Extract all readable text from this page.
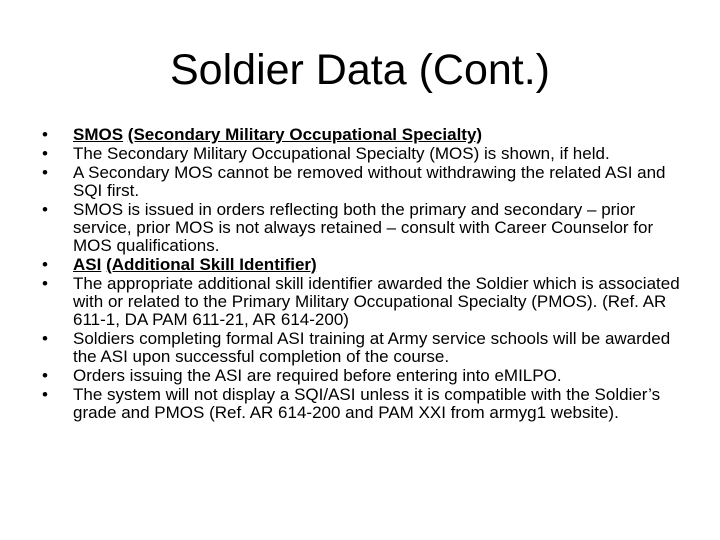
Soldier Data (Cont.)
• SMOS (Secondary Military Occupational Specialty)
• The Secondary Military Occupational Specialty (MOS) is shown, if held.
• A Secondary MOS cannot be removed without withdrawing the related ASI and SQI first.
• SMOS is issued in orders reflecting both the primary and secondary – prior service, prior MOS is not always retained – consult with Career Counselor for MOS qualifications.
• ASI (Additional Skill Identifier)
• The appropriate additional skill identifier awarded the Soldier which is associated with or related to the Primary Military Occupational Specialty (PMOS). (Ref. AR 611-1, DA PAM 611-21, AR 614-200)
• Soldiers completing formal ASI training at Army service schools will be awarded the ASI upon successful completion of the course.
• Orders issuing the ASI are required before entering into eMILPO.
• The system will not display a SQI/ASI unless it is compatible with the Soldier’s grade and PMOS (Ref. AR 614-200 and PAM XXI from armyg1 website).
